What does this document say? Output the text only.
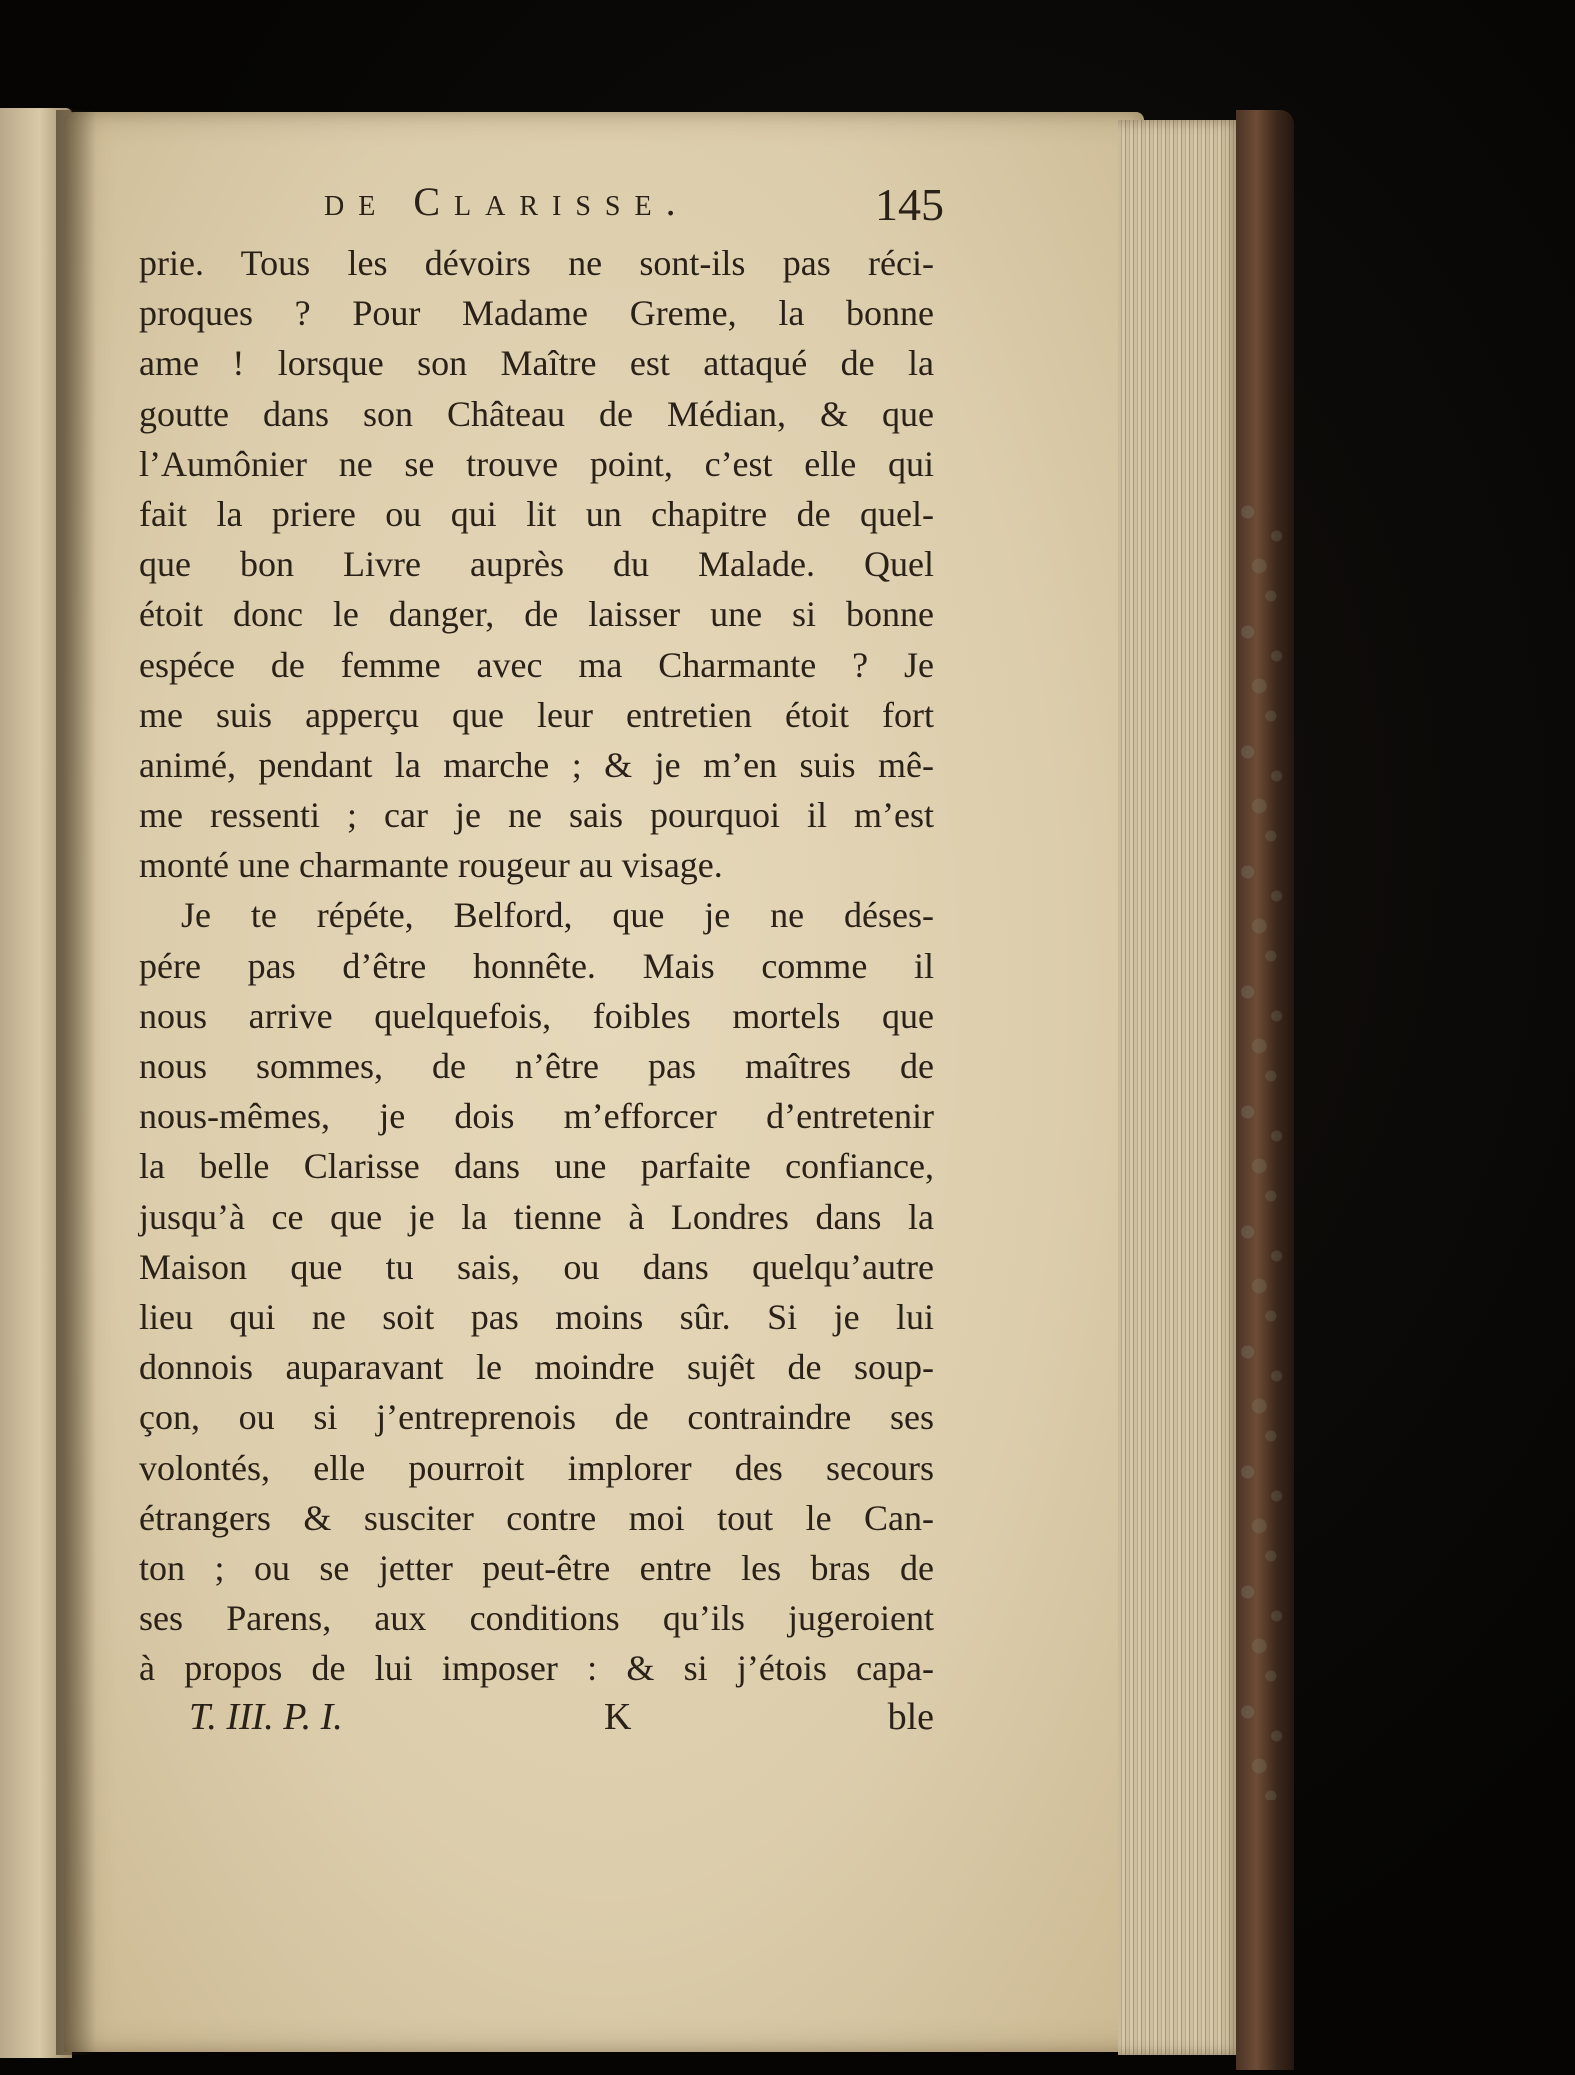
de Clarisse.	145
prie. Tous les dévoirs ne sont-ils pas réci-
proques ? Pour Madame Greme, la bonne
ame ! lorsque son Maître est attaqué de la
goutte dans son Château de Médian, & que
l’Aumônier ne se trouve point, c’est elle qui
fait la priere ou qui lit un chapitre de quel-
que bon Livre auprès du Malade. Quel
étoit donc le danger, de laisser une si bonne
espéce de femme avec ma Charmante ? Je
me suis apperçu que leur entretien étoit fort
animé, pendant la marche ; & je m’en suis mê-
me ressenti ; car je ne sais pourquoi il m’est
monté une charmante rougeur au visage.
Je te répéte, Belford, que je ne déses-
pére pas d’être honnête. Mais comme il
nous arrive quelquefois, foibles mortels que
nous sommes, de n’être pas maîtres de
nous-mêmes, je dois m’efforcer d’entretenir
la belle Clarisse dans une parfaite confiance,
jusqu’à ce que je la tienne à Londres dans la
Maison que tu sais, ou dans quelqu’autre
lieu qui ne soit pas moins sûr. Si je lui
donnois auparavant le moindre sujêt de soup-
çon, ou si j’entreprenois de contraindre ses
volontés, elle pourroit implorer des secours
étrangers & susciter contre moi tout le Can-
ton ; ou se jetter peut-être entre les bras de
ses Parens, aux conditions qu’ils jugeroient
à propos de lui imposer : & si j’étois capa-
T. III. P. I.	K	ble
